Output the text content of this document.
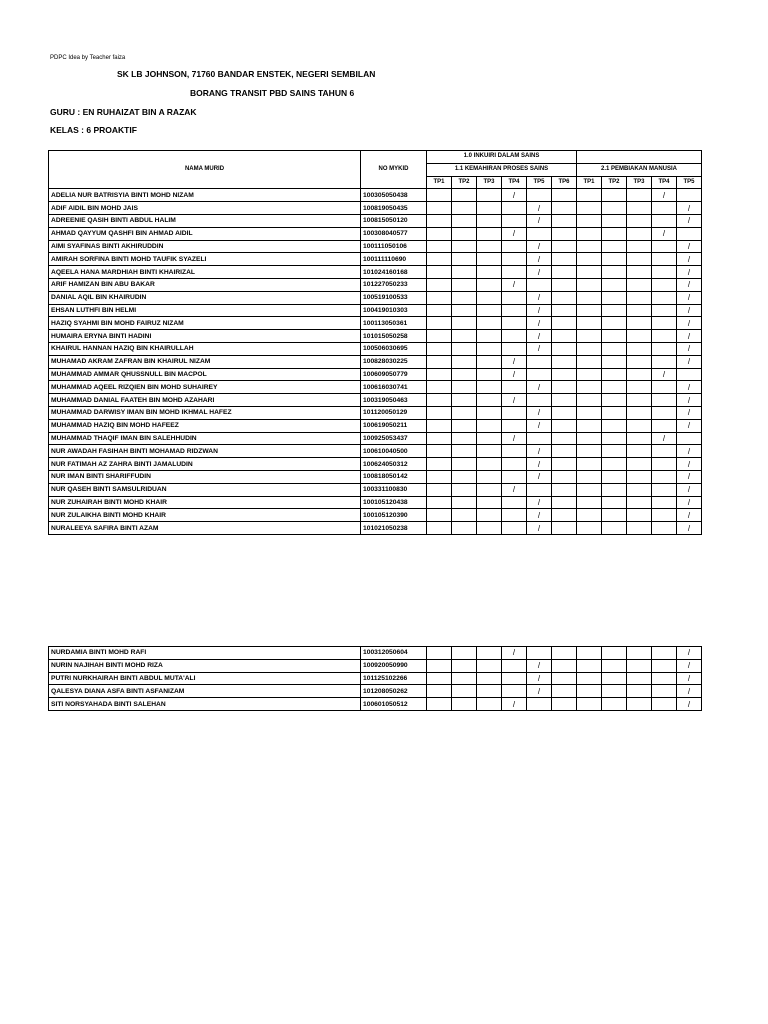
PDPC Idea by Teacher faiza
SK LB JOHNSON, 71760 BANDAR ENSTEK, NEGERI SEMBILAN
BORANG TRANSIT PBD SAINS TAHUN 6
GURU : EN RUHAIZAT BIN A RAZAK
KELAS : 6 PROAKTIF
NAMA MURID	NO MYKID	1.0 INKUIRI DALAM SAINS										
		1.1 KEMAHIRAN PROSES SAINS						2.1 PEMBIAKAN MANUSIA				
		TP1	TP2	TP3	TP4	TP5	TP6	TP1	TP2	TP3	TP4	TP5
ADELIA NUR BATRISYIA BINTI MOHD NIZAM	100305050438				/						/	
ADIF AIDIL BIN MOHD JAIS	100819050435					/						/
ADREENIE QASIH BINTI ABDUL HALIM	100815050120					/						/
AHMAD QAYYUM QASHFI BIN AHMAD AIDIL	100308040577				/						/	
AIMI SYAFINAS BINTI AKHIRUDDIN	100111050106					/						/
AMIRAH SORFINA BINTI MOHD TAUFIK SYAZELI	100111110690					/						/
AQEELA HANA MARDHIAH BINTI KHAIRIZAL	101024160168					/						/
ARIF HAMIZAN BIN ABU BAKAR	101227050233				/							/
DANIAL AQIL BIN KHAIRUDIN	100519100533					/						/
EHSAN LUTHFI BIN HELMI	100419010303					/						/
HAZIQ SYAHMI BIN MOHD FAIRUZ NIZAM	100113050361					/						/
HUMAIRA ERYNA BINTI HADINI	101015050258					/						/
KHAIRUL HANNAN HAZIQ BIN KHAIRULLAH	100506030695					/						/
MUHAMAD AKRAM ZAFRAN BIN KHAIRUL NIZAM	100828030225				/							/
MUHAMMAD AMMAR QHUSSNULL BIN MACPOL	100609050779				/						/	
MUHAMMAD AQEEL RIZQIEN BIN MOHD SUHAIREY	100616030741					/						/
MUHAMMAD DANIAL FAATEH BIN MOHD AZAHARI	100319050463				/							/
MUHAMMAD DARWISY IMAN BIN MOHD IKHMAL HAFEZ	101120050129					/						/
MUHAMMAD HAZIQ BIN MOHD HAFEEZ	100619050211					/						/
MUHAMMAD THAQIF IMAN BIN SALEHHUDIN	100925053437				/						/	
NUR AWADAH FASIHAH BINTI MOHAMAD RIDZWAN	100610040500					/						/
NUR FATIMAH AZ ZAHRA BINTI JAMALUDIN	100624050312					/						/
NUR IMAN BINTI SHARIFFUDIN	100818050142					/						/
NUR QASEH BINTI SAMSULRIDUAN	100331100830				/							/
NUR ZUHAIRAH BINTI MOHD KHAIR	100105120438					/						/
NUR ZULAIKHA BINTI MOHD KHAIR	100105120390					/						/
NURALEEYA SAFIRA BINTI AZAM	101021050238					/						/
NURDAMIA BINTI MOHD RAFI	100312050604				/							/
NURIN NAJIHAH BINTI MOHD RIZA	100920050990					/						/
PUTRI NURKHAIRAH BINTI ABDUL MUTA'ALI	101125102266					/						/
QALESYA DIANA ASFA BINTI ASFANIZAM	101208050262					/						/
SITI NORSYAHADA BINTI SALEHAN	100601050512				/							/
